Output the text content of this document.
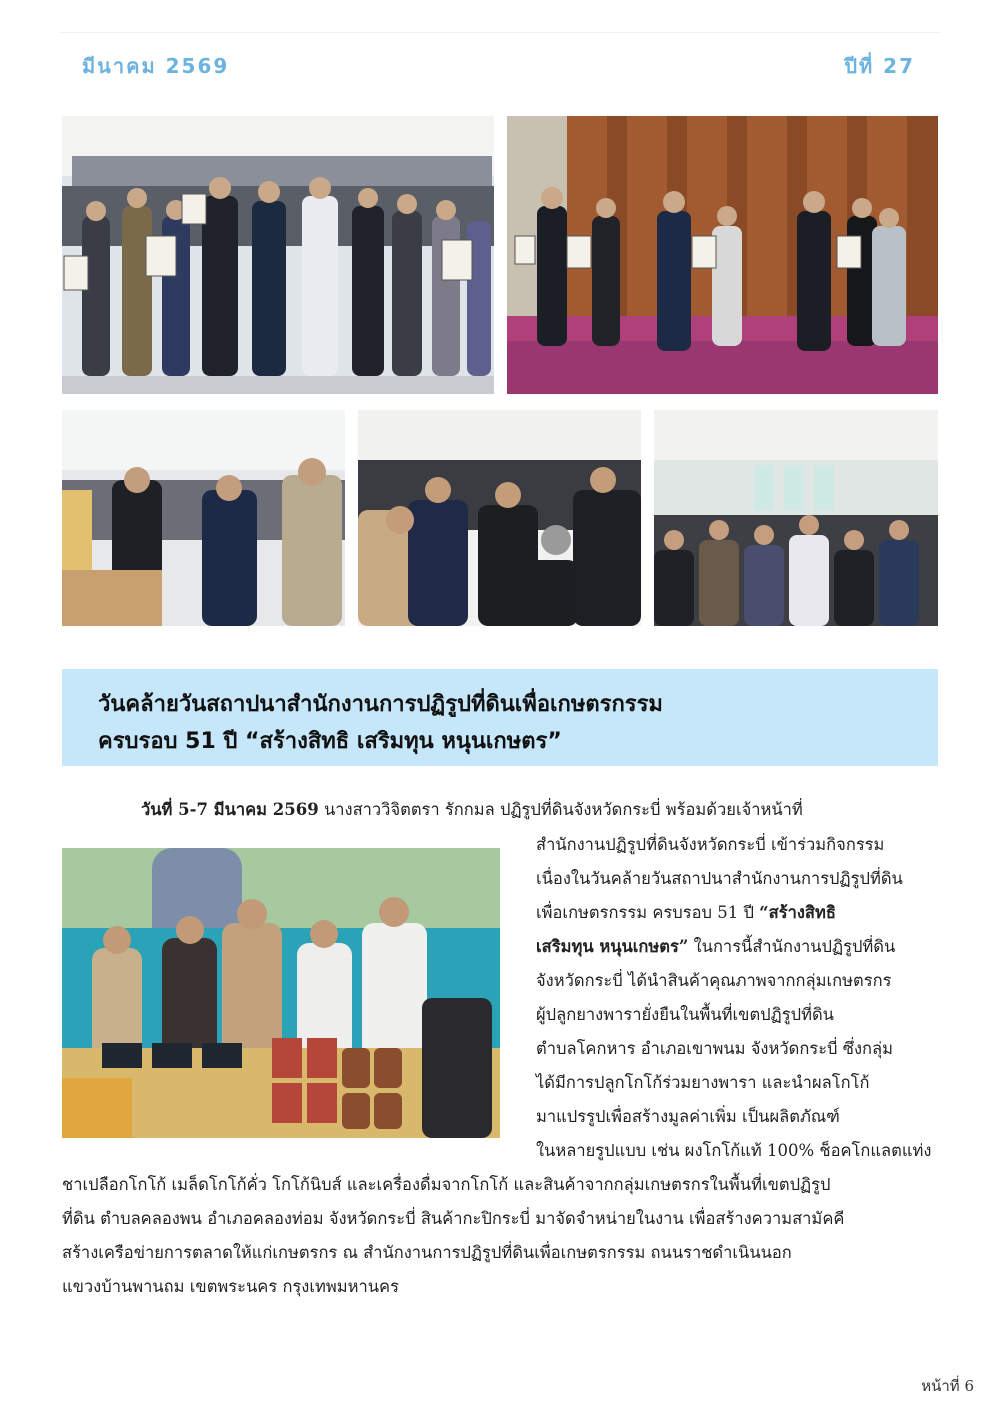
มีนาคม 2569	ปีที่ 27
วันคล้ายวันสถาปนาสำนักงานการปฏิรูปที่ดินเพื่อเกษตรกรรม
ครบรอบ 51 ปี “สร้างสิทธิ เสริมทุน หนุนเกษตร”
วันที่ 5-7 มีนาคม 2569 นางสาววิจิตตรา รักกมล ปฏิรูปที่ดินจังหวัดกระบี่ พร้อมด้วยเจ้าหน้าที่
สำนักงานปฏิรูปที่ดินจังหวัดกระบี่ เข้าร่วมกิจกรรม
เนื่องในวันคล้ายวันสถาปนาสำนักงานการปฏิรูปที่ดิน
เพื่อเกษตรกรรม ครบรอบ 51 ปี “สร้างสิทธิ
เสริมทุน หนุนเกษตร” ในการนี้สำนักงานปฏิรูปที่ดิน
จังหวัดกระบี่ ได้นำสินค้าคุณภาพจากกลุ่มเกษตรกร
ผู้ปลูกยางพารายั่งยืนในพื้นที่เขตปฏิรูปที่ดิน
ตำบลโคกหาร อำเภอเขาพนม จังหวัดกระบี่ ซึ่งกลุ่ม
ได้มีการปลูกโกโก้ร่วมยางพารา และนำผลโกโก้
มาแปรรูปเพื่อสร้างมูลค่าเพิ่ม เป็นผลิตภัณฑ์
ในหลายรูปแบบ เช่น ผงโกโก้แท้ 100% ช็อคโกแลตแท่ง
ชาเปลือกโกโก้ เมล็ดโกโก้คั่ว โกโก้นิบส์ และเครื่องดื่มจากโกโก้ และสินค้าจากกลุ่มเกษตรกรในพื้นที่เขตปฏิรูป
ที่ดิน ตำบลคลองพน อำเภอคลองท่อม จังหวัดกระบี่ สินค้ากะปิกระบี่ มาจัดจำหน่ายในงาน เพื่อสร้างความสามัคคี
สร้างเครือข่ายการตลาดให้แก่เกษตรกร ณ สำนักงานการปฏิรูปที่ดินเพื่อเกษตรกรรม ถนนราชดำเนินนอก
แขวงบ้านพานถม เขตพระนคร กรุงเทพมหานคร
หน้าที่ 6
